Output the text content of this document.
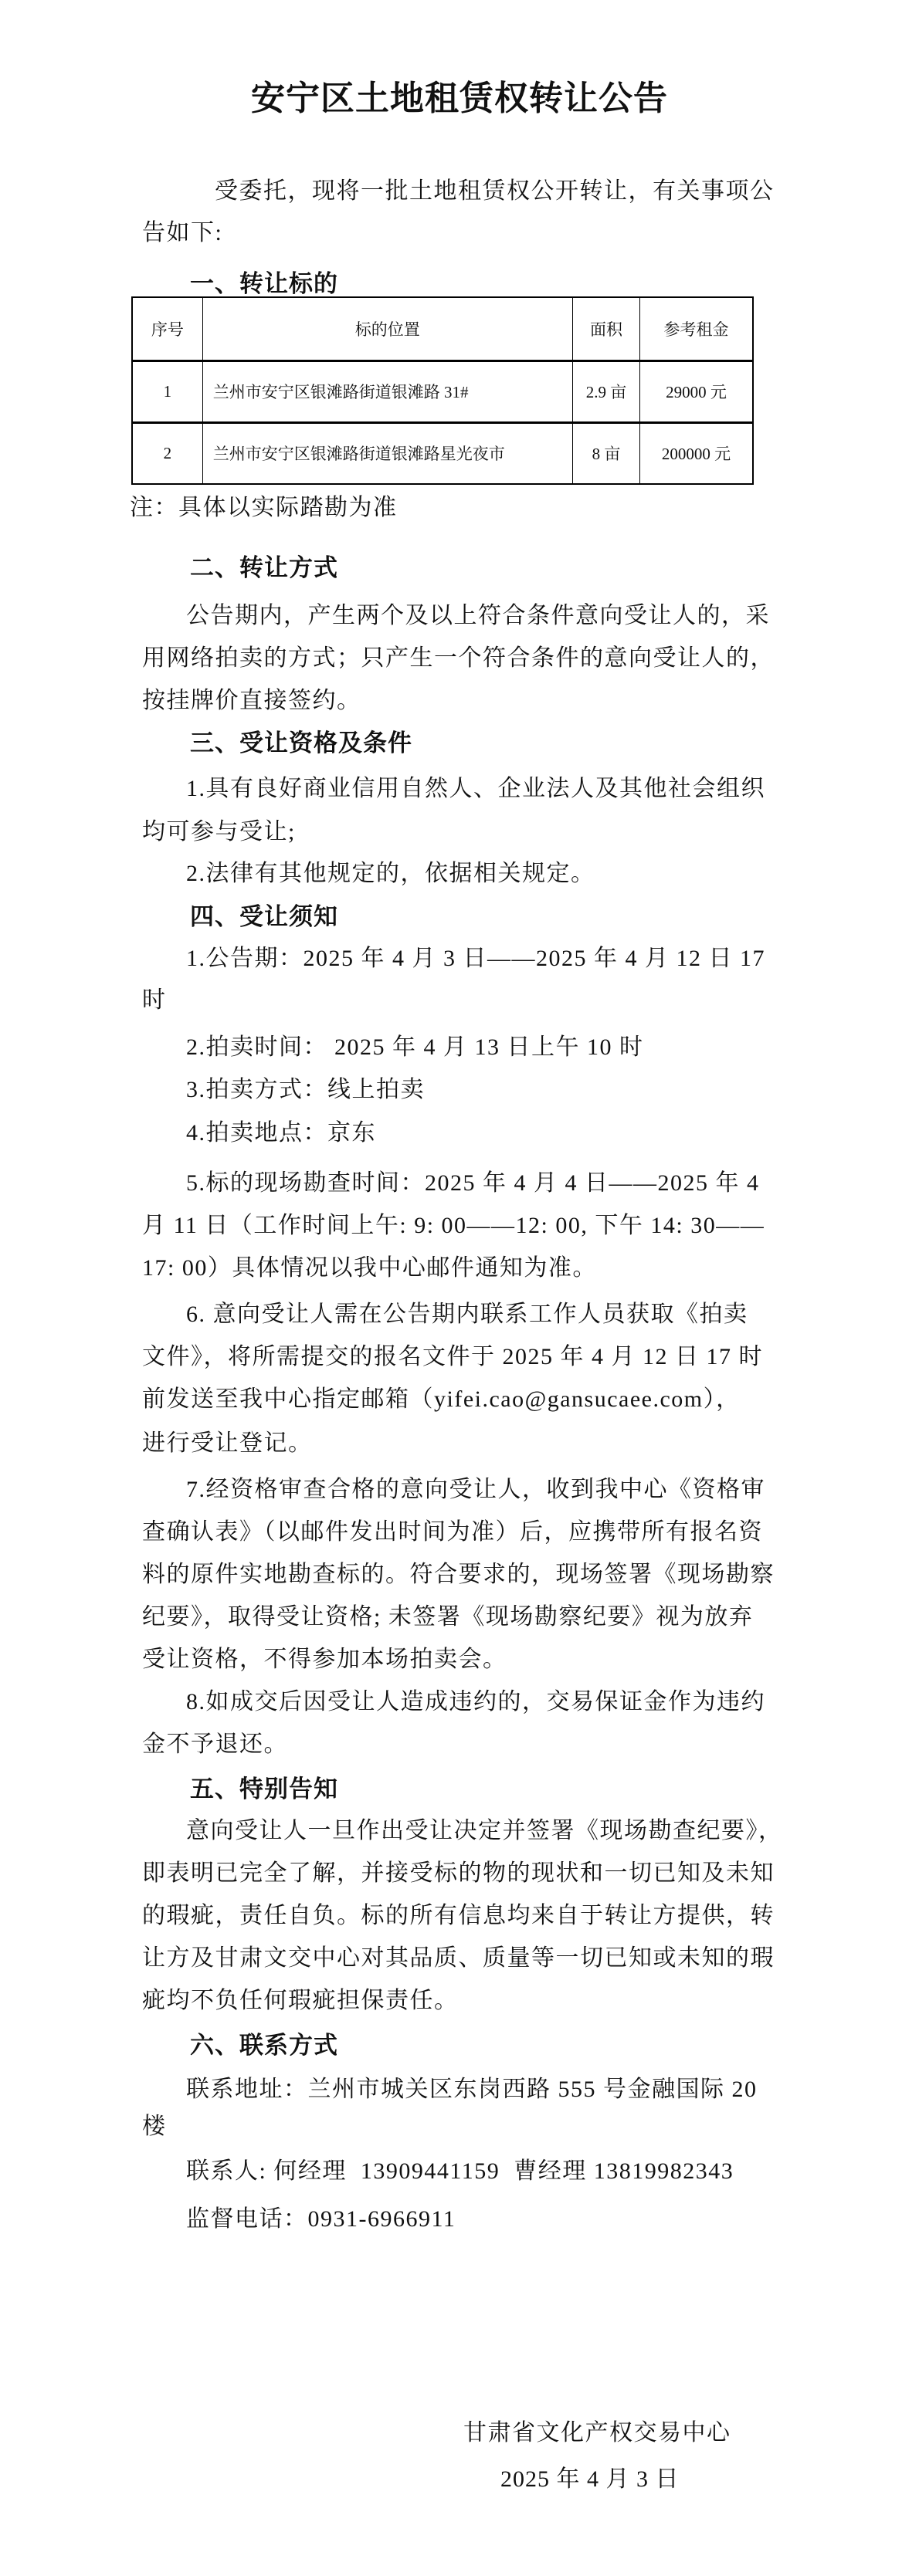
安宁区土地租赁权转让公告
受委托，现将一批土地租赁权公开转让，有关事项公
告如下:
一、转让标的
序号	标的位置	面积	参考租金
1	兰州市安宁区银滩路街道银滩路 31#	2.9 亩	29000 元
2	兰州市安宁区银滩路街道银滩路星光夜市	8 亩	200000 元
注：具体以实际踏勘为准
二、转让方式
公告期内，产生两个及以上符合条件意向受让人的，采
用网络拍卖的方式；只产生一个符合条件的意向受让人的，
按挂牌价直接签约。
三、受让资格及条件
1.具有良好商业信用自然人、企业法人及其他社会组织
均可参与受让;
2.法律有其他规定的，依据相关规定。
四、受让须知
1.公告期：2025 年 4 月 3 日——2025 年 4 月 12 日 17
时
2.拍卖时间： 2025 年 4 月 13 日上午 10 时
3.拍卖方式：线上拍卖
4.拍卖地点：京东
5.标的现场勘查时间：2025 年 4 月 4 日——2025 年 4
月 11 日（工作时间上午: 9: 00——12: 00, 下午 14: 30——
17: 00）具体情况以我中心邮件通知为准。
6. 意向受让人需在公告期内联系工作人员获取《拍卖
文件》，将所需提交的报名文件于 2025 年 4 月 12 日 17 时
前发送至我中心指定邮箱（yifei.cao@gansucaee.com），
进行受让登记。
7.经资格审查合格的意向受让人，收到我中心《资格审
查确认表》（以邮件发出时间为准）后，应携带所有报名资
料的原件实地勘查标的。符合要求的，现场签署《现场勘察
纪要》，取得受让资格; 未签署《现场勘察纪要》视为放弃
受让资格，不得参加本场拍卖会。
8.如成交后因受让人造成违约的，交易保证金作为违约
金不予退还。
五、特别告知
意向受让人一旦作出受让决定并签署《现场勘查纪要》，
即表明已完全了解，并接受标的物的现状和一切已知及未知
的瑕疵，责任自负。标的所有信息均来自于转让方提供，转
让方及甘肃文交中心对其品质、质量等一切已知或未知的瑕
疵均不负任何瑕疵担保责任。
六、联系方式
联系地址：兰州市城关区东岗西路 555 号金融国际 20
楼
联系人: 何经理  13909441159  曹经理 13819982343
监督电话：0931-6966911
甘肃省文化产权交易中心
2025 年 4 月 3 日
